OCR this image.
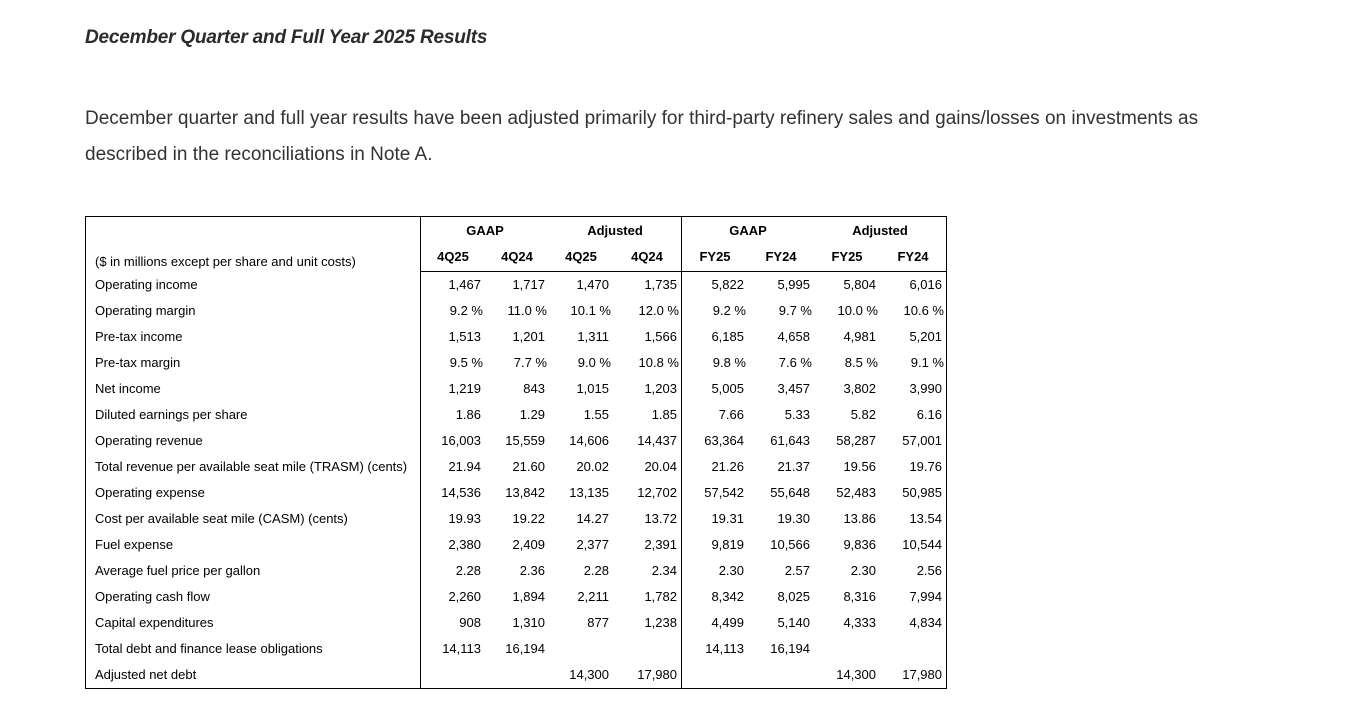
December Quarter and Full Year 2025 Results

December quarter and full year results have been adjusted primarily for third-party refinery sales and gains/losses on investments as described in the reconciliations in Note A.

	GAAP		Adjusted		GAAP		Adjusted	
($ in millions except per share and unit costs)	4Q25	4Q24	4Q25	4Q24	FY25	FY24	FY25	FY24
Operating income	1,467	1,717	1,470	1,735	5,822	5,995	5,804	6,016
Operating margin	9.2 %	11.0 %	10.1 %	12.0 %	9.2 %	9.7 %	10.0 %	10.6 %
Pre-tax income	1,513	1,201	1,311	1,566	6,185	4,658	4,981	5,201
Pre-tax margin	9.5 %	7.7 %	9.0 %	10.8 %	9.8 %	7.6 %	8.5 %	9.1 %
Net income	1,219	843	1,015	1,203	5,005	3,457	3,802	3,990
Diluted earnings per share	1.86	1.29	1.55	1.85	7.66	5.33	5.82	6.16
Operating revenue	16,003	15,559	14,606	14,437	63,364	61,643	58,287	57,001
Total revenue per available seat mile (TRASM) (cents)	21.94	21.60	20.02	20.04	21.26	21.37	19.56	19.76
Operating expense	14,536	13,842	13,135	12,702	57,542	55,648	52,483	50,985
Cost per available seat mile (CASM) (cents)	19.93	19.22	14.27	13.72	19.31	19.30	13.86	13.54
Fuel expense	2,380	2,409	2,377	2,391	9,819	10,566	9,836	10,544
Average fuel price per gallon	2.28	2.36	2.28	2.34	2.30	2.57	2.30	2.56
Operating cash flow	2,260	1,894	2,211	1,782	8,342	8,025	8,316	7,994
Capital expenditures	908	1,310	877	1,238	4,499	5,140	4,333	4,834
Total debt and finance lease obligations	14,113	16,194			14,113	16,194		
Adjusted net debt			14,300	17,980			14,300	17,980
